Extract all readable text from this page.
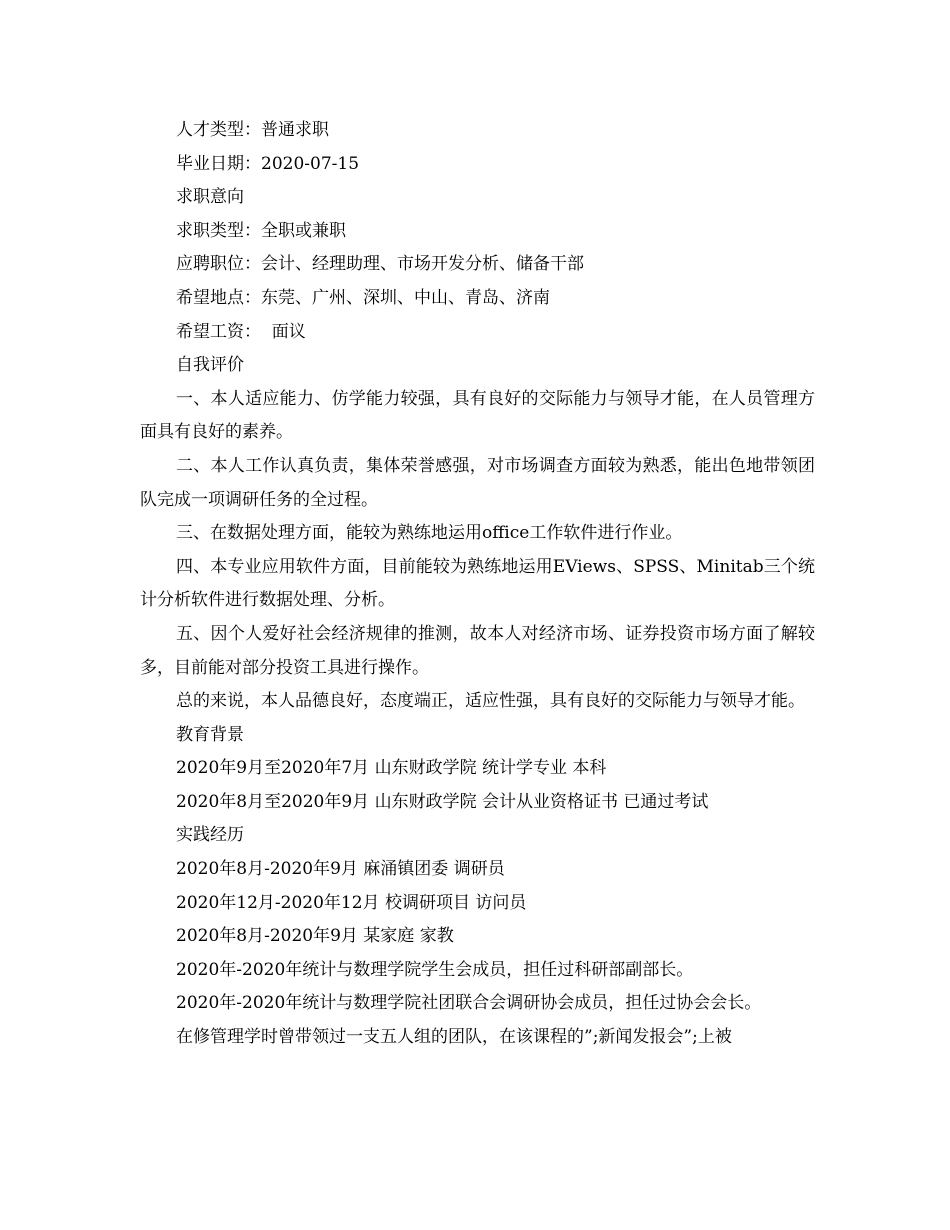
人才类型：普通求职
毕业日期：2020-07-15
求职意向
求职类型：全职或兼职
应聘职位：会计、经理助理、市场开发分析、储备干部
希望地点：东莞、广州、深圳、中山、青岛、济南
希望工资：  面议
自我评价
一、本人适应能力、仿学能力较强，具有良好的交际能力与领导才能，在人员管理方面具有良好的素养。
二、本人工作认真负责，集体荣誉感强，对市场调查方面较为熟悉，能出色地带领团队完成一项调研任务的全过程。
三、在数据处理方面，能较为熟练地运用office工作软件进行作业。
四、本专业应用软件方面，目前能较为熟练地运用EViews、SPSS、Minitab三个统计分析软件进行数据处理、分析。
五、因个人爱好社会经济规律的推测，故本人对经济市场、证券投资市场方面了解较多，目前能对部分投资工具进行操作。
总的来说，本人品德良好，态度端正，适应性强，具有良好的交际能力与领导才能。
教育背景
2020年9月至2020年7月 山东财政学院 统计学专业 本科
2020年8月至2020年9月 山东财政学院 会计从业资格证书 已通过考试
实践经历
2020年8月-2020年9月 麻涌镇团委 调研员
2020年12月-2020年12月 校调研项目 访问员
2020年8月-2020年9月 某家庭 家教
2020年-2020年统计与数理学院学生会成员，担任过科研部副部长。
2020年-2020年统计与数理学院社团联合会调研协会成员，担任过协会会长。
在修管理学时曾带领过一支五人组的团队，在该课程的”;新闻发报会”;上被
